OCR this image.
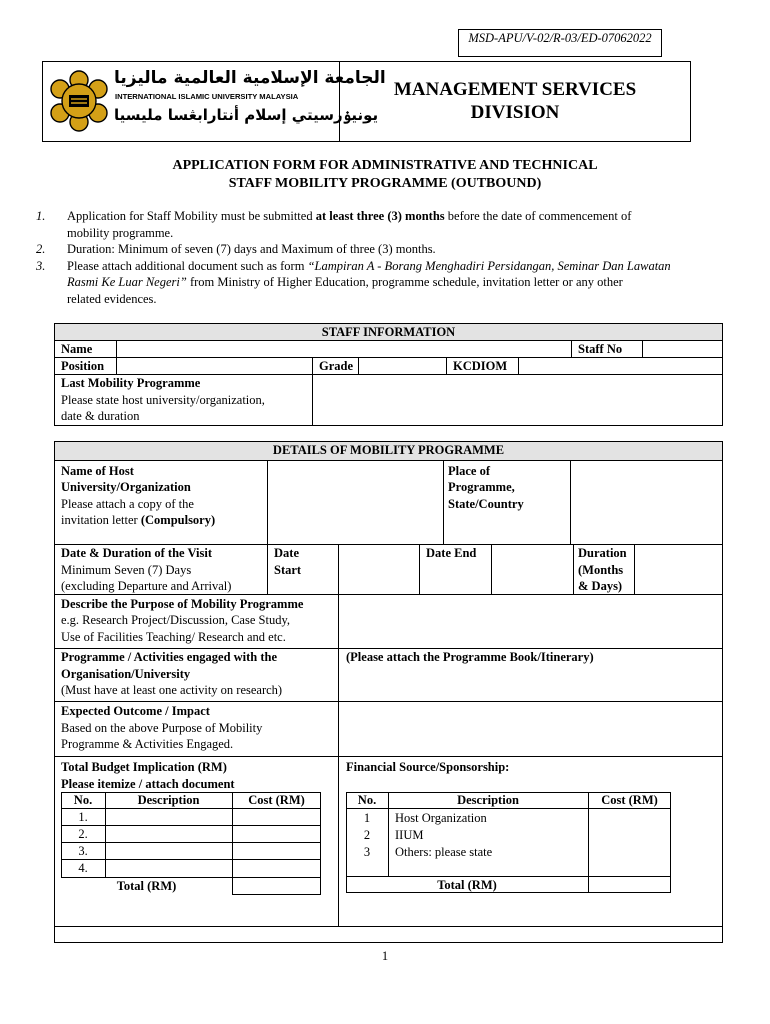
MSD-APU/V-02/R-03/ED-07062022
الجامعة الإسلامية العالمية ماليزيا
INTERNATIONAL ISLAMIC UNIVERSITY MALAYSIA
يونيۏرسيتي إسلام أنتارابڠسا مليسيا
MANAGEMENT SERVICES
DIVISION
APPLICATION FORM FOR ADMINISTRATIVE AND TECHNICAL
STAFF MOBILITY PROGRAMME (OUTBOUND)
1. Application for Staff Mobility must be submitted at least three (3) months before the date of commencement of
mobility programme.
2. Duration: Minimum of seven (7) days and Maximum of three (3) months.
3. Please attach additional document such as form “Lampiran A - Borang Menghadiri Persidangan, Seminar Dan Lawatan
Rasmi Ke Luar Negeri” from Ministry of Higher Education, programme schedule, invitation letter or any other
related evidences.
STAFF INFORMATION
Name	Staff No
Position	Grade	KCDIOM
Last Mobility Programme
Please state host university/organization,
date & duration
DETAILS OF MOBILITY PROGRAMME
Name of Host
University/Organization
Please attach a copy of the
invitation letter (Compulsory)
Place of
Programme,
State/Country
Date & Duration of the Visit
Minimum Seven (7) Days
(excluding Departure and Arrival)
Date
Start
Date End	Duration
(Months
& Days)
Describe the Purpose of Mobility Programme
e.g. Research Project/Discussion, Case Study,
Use of Facilities Teaching/ Research and etc.
Programme / Activities engaged with the
Organisation/University
(Must have at least one activity on research)
(Please attach the Programme Book/Itinerary)
Expected Outcome / Impact
Based on the above Purpose of Mobility
Programme & Activities Engaged.
Total Budget Implication (RM)
Please itemize / attach document
Financial Source/Sponsorship:
No.	Description	Cost (RM)
1.
2.
3.
4.
Total (RM)
No.	Description	Cost (RM)
1	Host Organization
2	IIUM
3	Others: please state
Total (RM)
1
